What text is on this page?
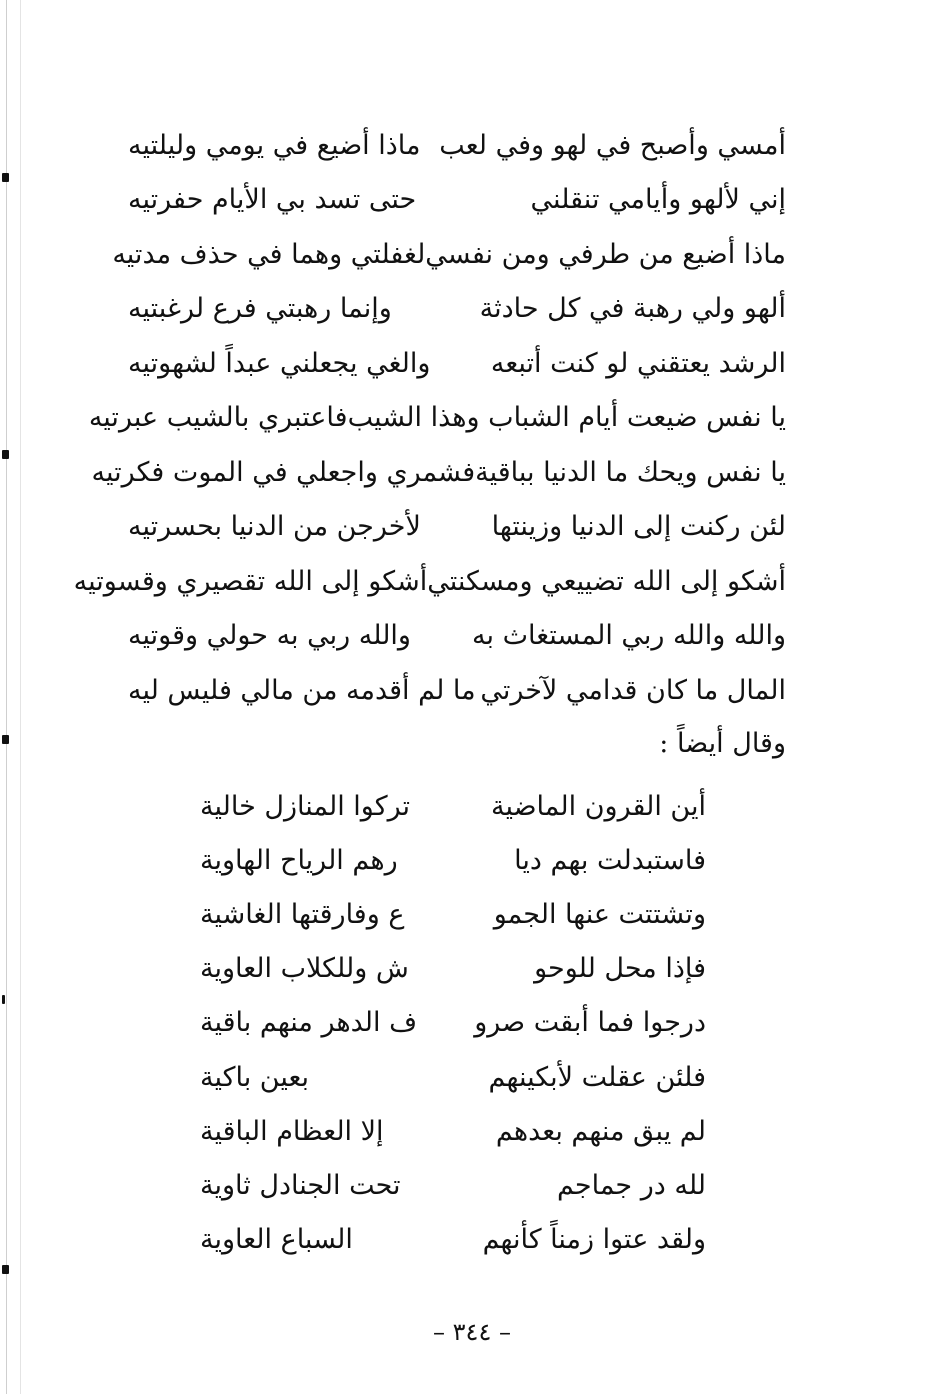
أمسي وأصبح في لهو وفي لعب
ماذا أضيع في يومي وليلتيه
إني لألهو وأيامي تنقلني
حتى تسد بي الأيام حفرتيه
ماذا أضيع من طرفي ومن نفسي
لغفلتي وهما في حذف مدتيه
ألهو ولي رهبة في كل حادثة
وإنما رهبتي فرع لرغبتيه
الرشد يعتقني لو كنت أتبعه
والغي يجعلني عبداً لشهوتيه
يا نفس ضيعت أيام الشباب وهذا الشيب
فاعتبري بالشيب عبرتيه
يا نفس ويحك ما الدنيا بباقية
فشمري واجعلي في الموت فكرتيه
لئن ركنت إلى الدنيا وزينتها
لأخرجن من الدنيا بحسرتيه
أشكو إلى الله تضييعي ومسكنتي
أشكو إلى الله تقصيري وقسوتيه
والله والله ربي المستغاث به
والله ربي به حولي وقوتيه
المال ما كان قدامي لآخرتي
ما لم أقدمه من مالي فليس ليه
وقال أيضاً :
أين القرون الماضية
تركوا المنازل خالية
فاستبدلت بهم ديا
رهم الرياح الهاوية
وتشتتت عنها الجمو
ع وفارقتها الغاشية
فإذا محل للوحو
ش وللكلاب العاوية
درجوا فما أبقت صرو
ف الدهر منهم باقية
فلئن عقلت لأبكينهم
بعين باكية
لم يبق منهم بعدهم
إلا العظام الباقية
لله در جماجم
تحت الجنادل ثاوية
ولقد عتوا زمناً كأنهم
السباع العاوية
– ٣٤٤ –
